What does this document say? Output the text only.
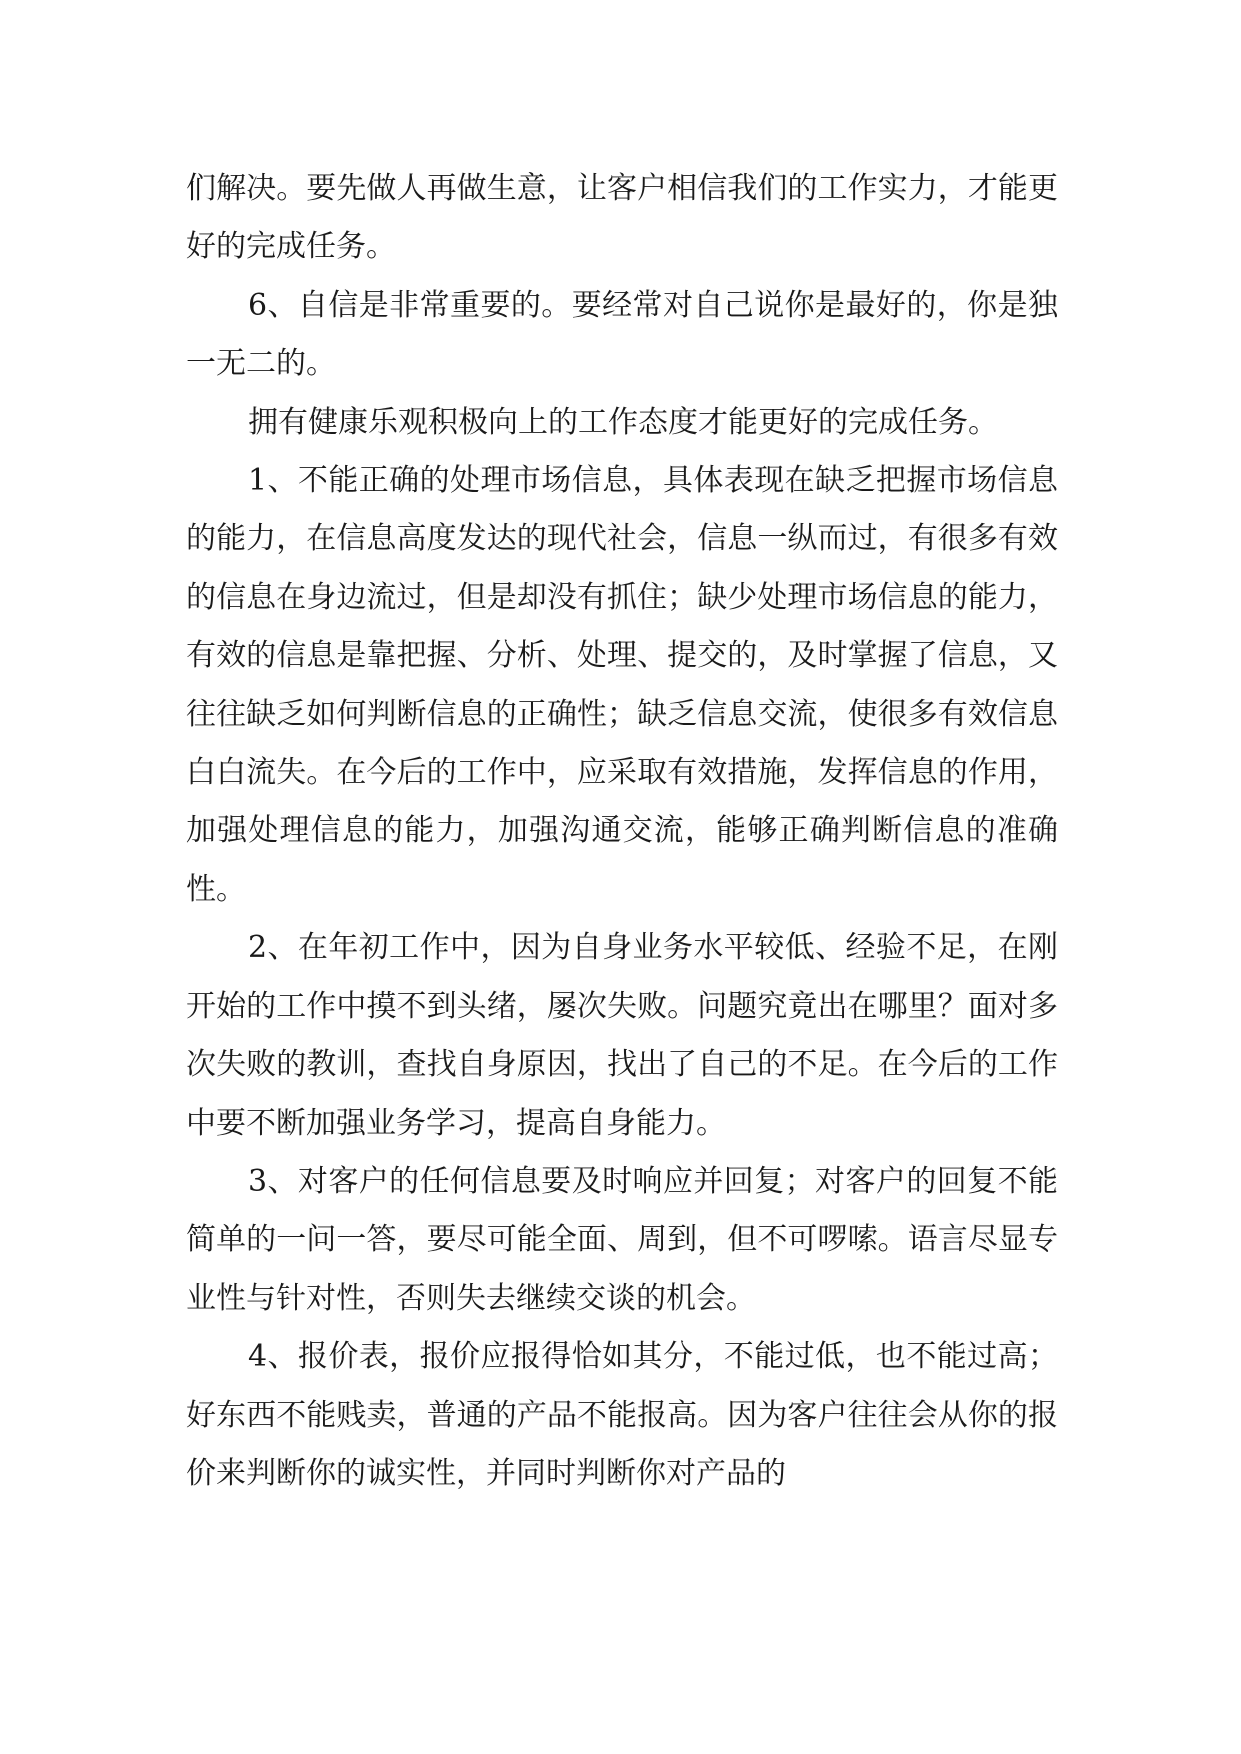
们解决。要先做人再做生意，让客户相信我们的工作实力，才能更好的完成任务。

6、自信是非常重要的。要经常对自己说你是最好的，你是独一无二的。

拥有健康乐观积极向上的工作态度才能更好的完成任务。

1、不能正确的处理市场信息，具体表现在缺乏把握市场信息的能力，在信息高度发达的现代社会，信息一纵而过，有很多有效的信息在身边流过，但是却没有抓住；缺少处理市场信息的能力，有效的信息是靠把握、分析、处理、提交的，及时掌握了信息，又往往缺乏如何判断信息的正确性；缺乏信息交流，使很多有效信息白白流失。在今后的工作中，应采取有效措施，发挥信息的作用，加强处理信息的能力，加强沟通交流，能够正确判断信息的准确性。

2、在年初工作中，因为自身业务水平较低、经验不足，在刚开始的工作中摸不到头绪，屡次失败。问题究竟出在哪里？面对多次失败的教训，查找自身原因，找出了自己的不足。在今后的工作中要不断加强业务学习，提高自身能力。

3、对客户的任何信息要及时响应并回复；对客户的回复不能简单的一问一答，要尽可能全面、周到，但不可啰嗦。语言尽显专业性与针对性，否则失去继续交谈的机会。

4、报价表，报价应报得恰如其分，不能过低，也不能过高；好东西不能贱卖，普通的产品不能报高。因为客户往往会从你的报价来判断你的诚实性，并同时判断你对产品的
